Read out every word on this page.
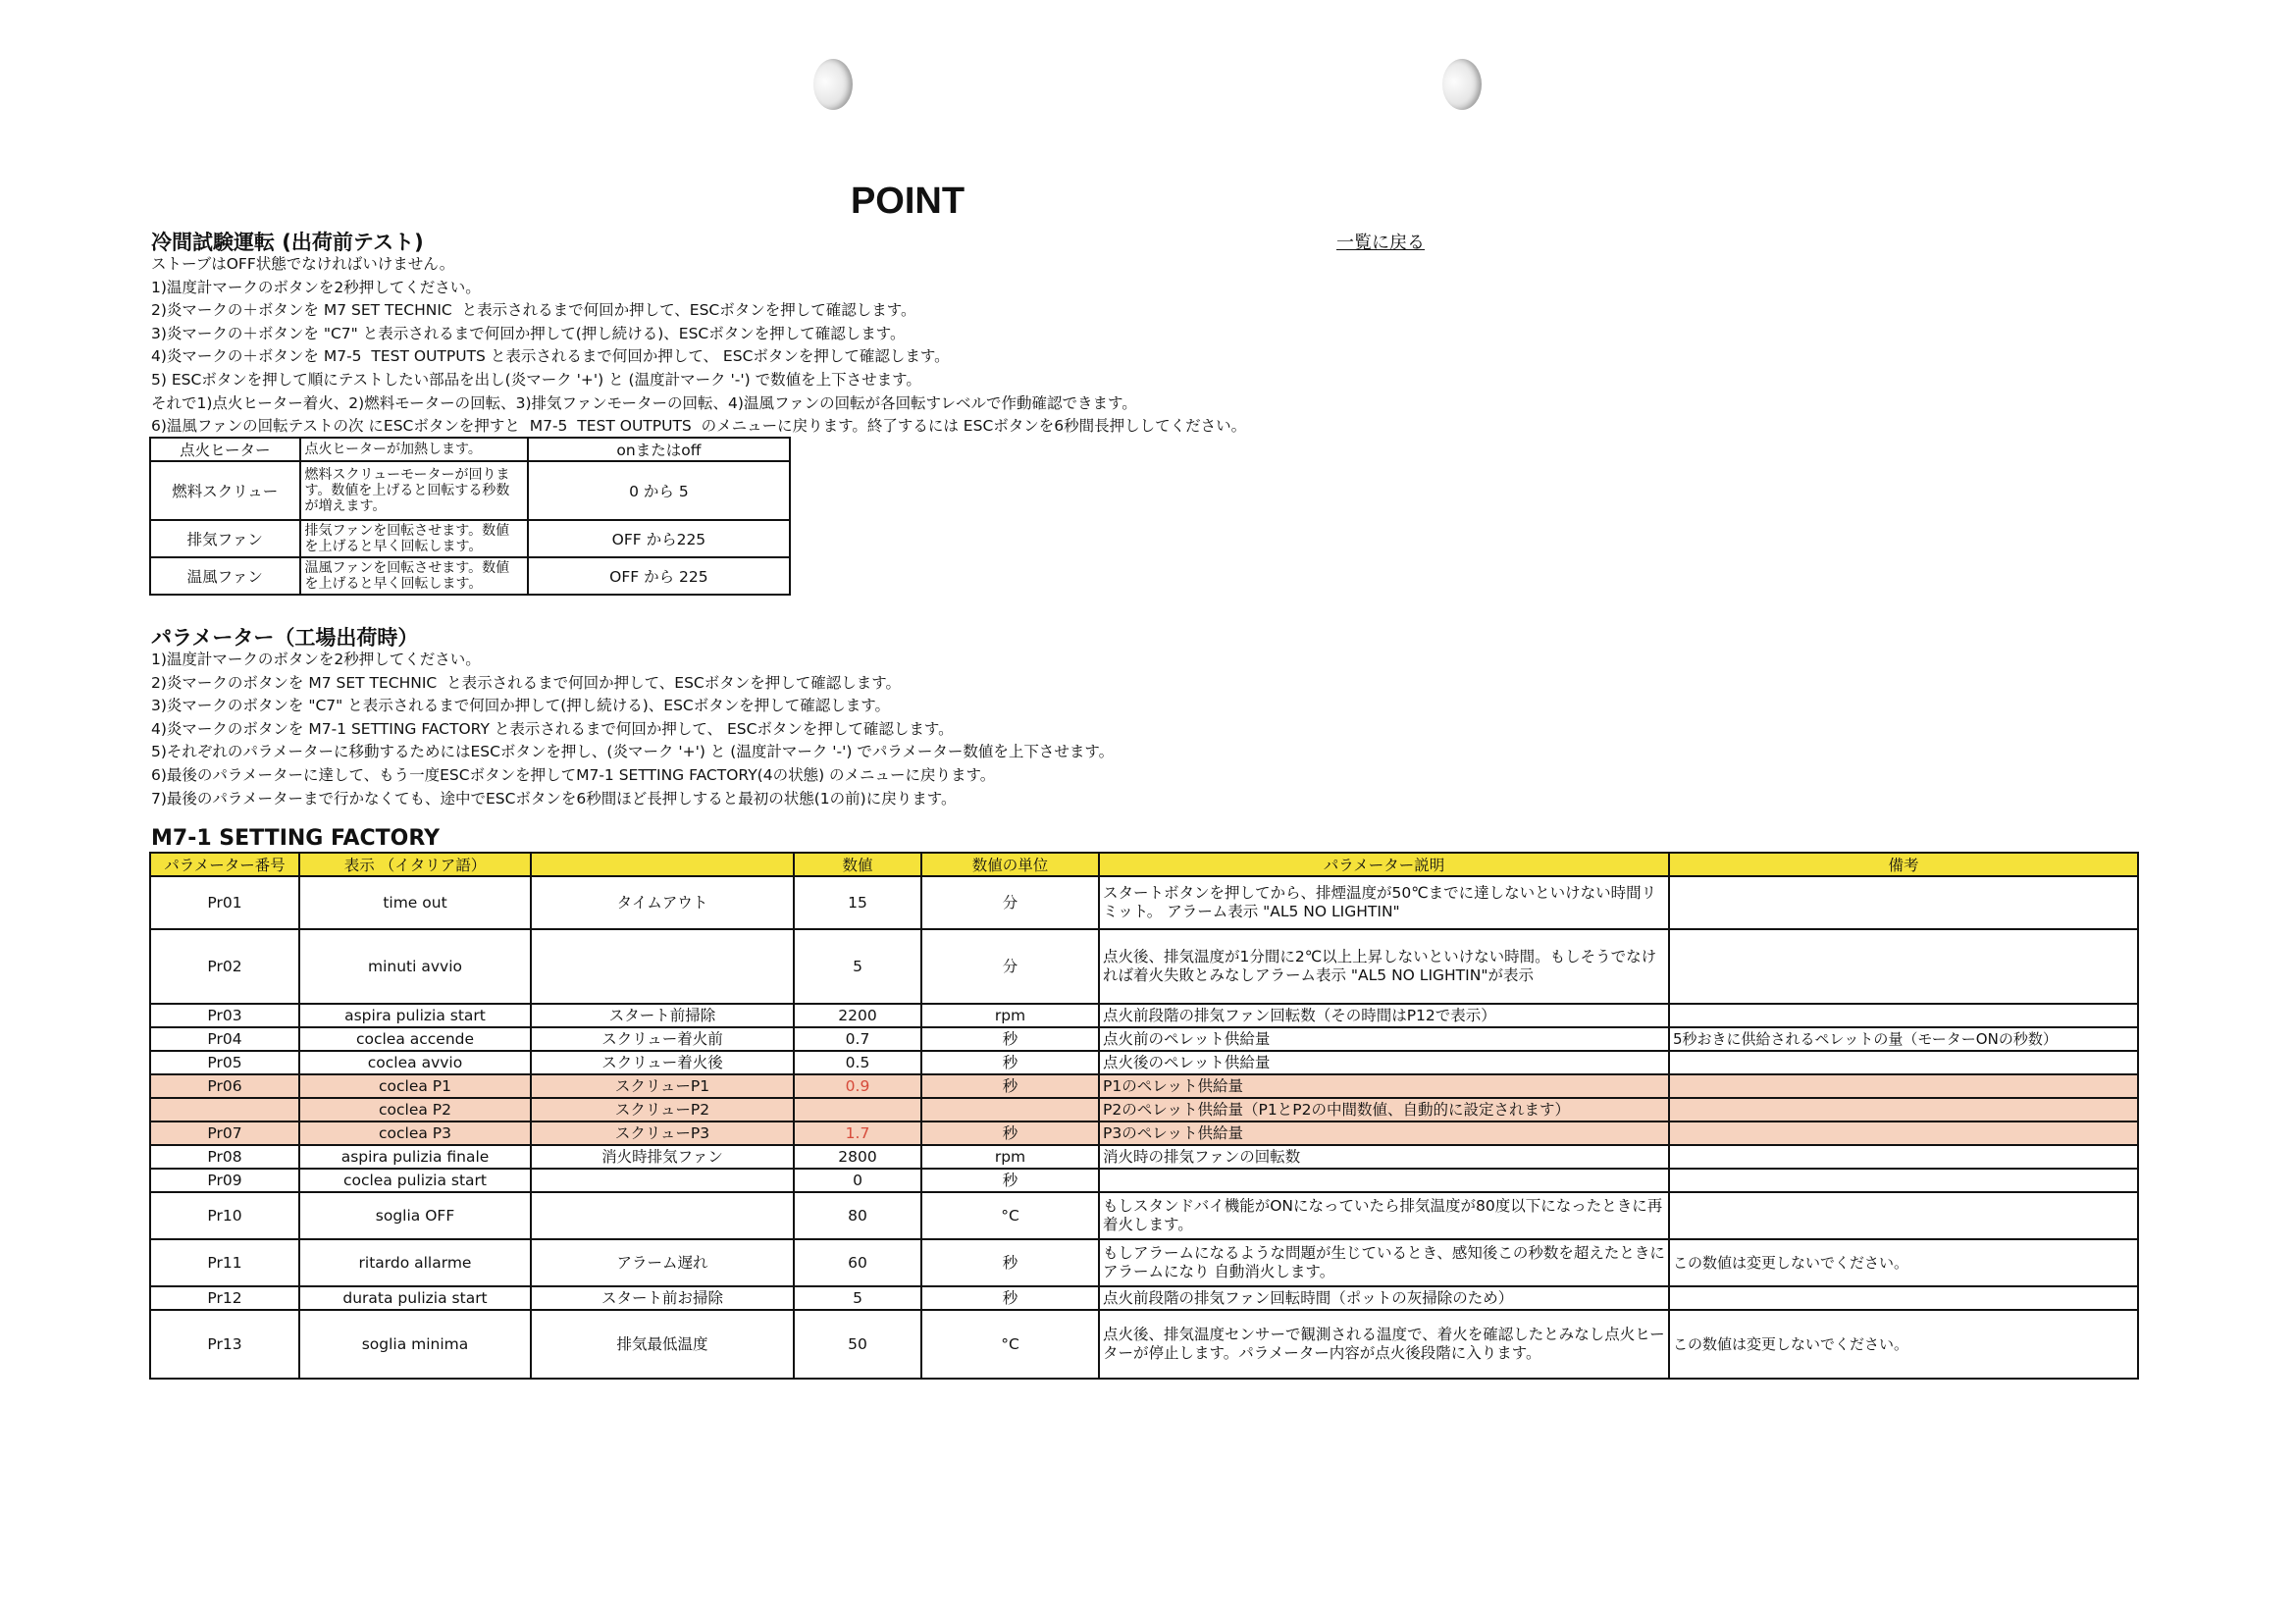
POINT
一覧に戻る
冷間試験運転 (出荷前テスト)
ストーブはOFF状態でなければいけません。
1)温度計マークのボタンを2秒押してください。
2)炎マークの＋ボタンを M7 SET TECHNIC  と表示されるまで何回か押して、ESCボタンを押して確認します。
3)炎マークの＋ボタンを "C7" と表示されるまで何回か押して(押し続ける)、ESCボタンを押して確認します。
4)炎マークの＋ボタンを M7-5  TEST OUTPUTS と表示されるまで何回か押して、 ESCボタンを押して確認します。
5) ESCボタンを押して順にテストしたい部品を出し(炎マーク '+') と (温度計マーク '-') で数値を上下させます。
それで1)点火ヒーター着火、2)燃料モーターの回転、3)排気ファンモーターの回転、4)温風ファンの回転が各回転すレベルで作動確認できます。
6)温風ファンの回転テストの次 にESCボタンを押すと  M7-5  TEST OUTPUTS  のメニューに戻ります。終了するには ESCボタンを6秒間長押ししてください。
点火ヒーター	点火ヒーターが加熱します。	onまたはoff
燃料スクリュー	燃料スクリューモーターが回ります。数値を上げると回転する秒数が増えます。	0 から 5
排気ファン	排気ファンを回転させます。数値を上げると早く回転します。	OFF から225
温風ファン	温風ファンを回転させます。数値を上げると早く回転します。	OFF から 225
パラメーター（工場出荷時）
1)温度計マークのボタンを2秒押してください。
2)炎マークのボタンを M7 SET TECHNIC  と表示されるまで何回か押して、ESCボタンを押して確認します。
3)炎マークのボタンを "C7" と表示されるまで何回か押して(押し続ける)、ESCボタンを押して確認します。
4)炎マークのボタンを M7-1 SETTING FACTORY と表示されるまで何回か押して、 ESCボタンを押して確認します。
5)それぞれのパラメーターに移動するためにはESCボタンを押し、(炎マーク '+') と (温度計マーク '-') でパラメーター数値を上下させます。
6)最後のパラメーターに達して、もう一度ESCボタンを押してM7-1 SETTING FACTORY(4の状態) のメニューに戻ります。
7)最後のパラメーターまで行かなくても、途中でESCボタンを6秒間ほど長押しすると最初の状態(1の前)に戻ります。
M7-1 SETTING FACTORY
パラメーター番号	表示 （イタリア語）		数値	数値の単位	パラメーター説明	備考
Pr01	time out	タイムアウト	15	分	スタートボタンを押してから、排煙温度が50℃までに達しないといけない時間リミット。 アラーム表示 "AL5 NO LIGHTIN"	
Pr02	minuti avvio		5	分	点火後、排気温度が1分間に2℃以上上昇しないといけない時間。もしそうでなければ着火失敗とみなしアラーム表示 "AL5 NO LIGHTIN"が表示	
Pr03	aspira pulizia start	スタート前掃除	2200	rpm	点火前段階の排気ファン回転数（その時間はP12で表示）	
Pr04	coclea accende	スクリュー着火前	0.7	秒	点火前のペレット供給量	5秒おきに供給されるペレットの量（モーターONの秒数）
Pr05	coclea avvio	スクリュー着火後	0.5	秒	点火後のペレット供給量	
Pr06	coclea P1	スクリューP1	0.9	秒	P1のペレット供給量	
	coclea P2	スクリューP2			P2のペレット供給量（P1とP2の中間数値、自動的に設定されます）	
Pr07	coclea P3	スクリューP3	1.7	秒	P3のペレット供給量	
Pr08	aspira pulizia finale	消火時排気ファン	2800	rpm	消火時の排気ファンの回転数	
Pr09	coclea pulizia start		0	秒		
Pr10	soglia OFF		80	°C	もしスタンドバイ機能がONになっていたら排気温度が80度以下になったときに再着火します。	
Pr11	ritardo allarme	アラーム遅れ	60	秒	もしアラームになるような問題が生じているとき、感知後この秒数を超えたときにアラームになり 自動消火します。	この数値は変更しないでください。
Pr12	durata pulizia start	スタート前お掃除	5	秒	点火前段階の排気ファン回転時間（ポットの灰掃除のため）	
Pr13	soglia minima	排気最低温度	50	°C	点火後、排気温度センサーで観測される温度で、着火を確認したとみなし点火ヒーターが停止します。パラメーター内容が点火後段階に入ります。	この数値は変更しないでください。
